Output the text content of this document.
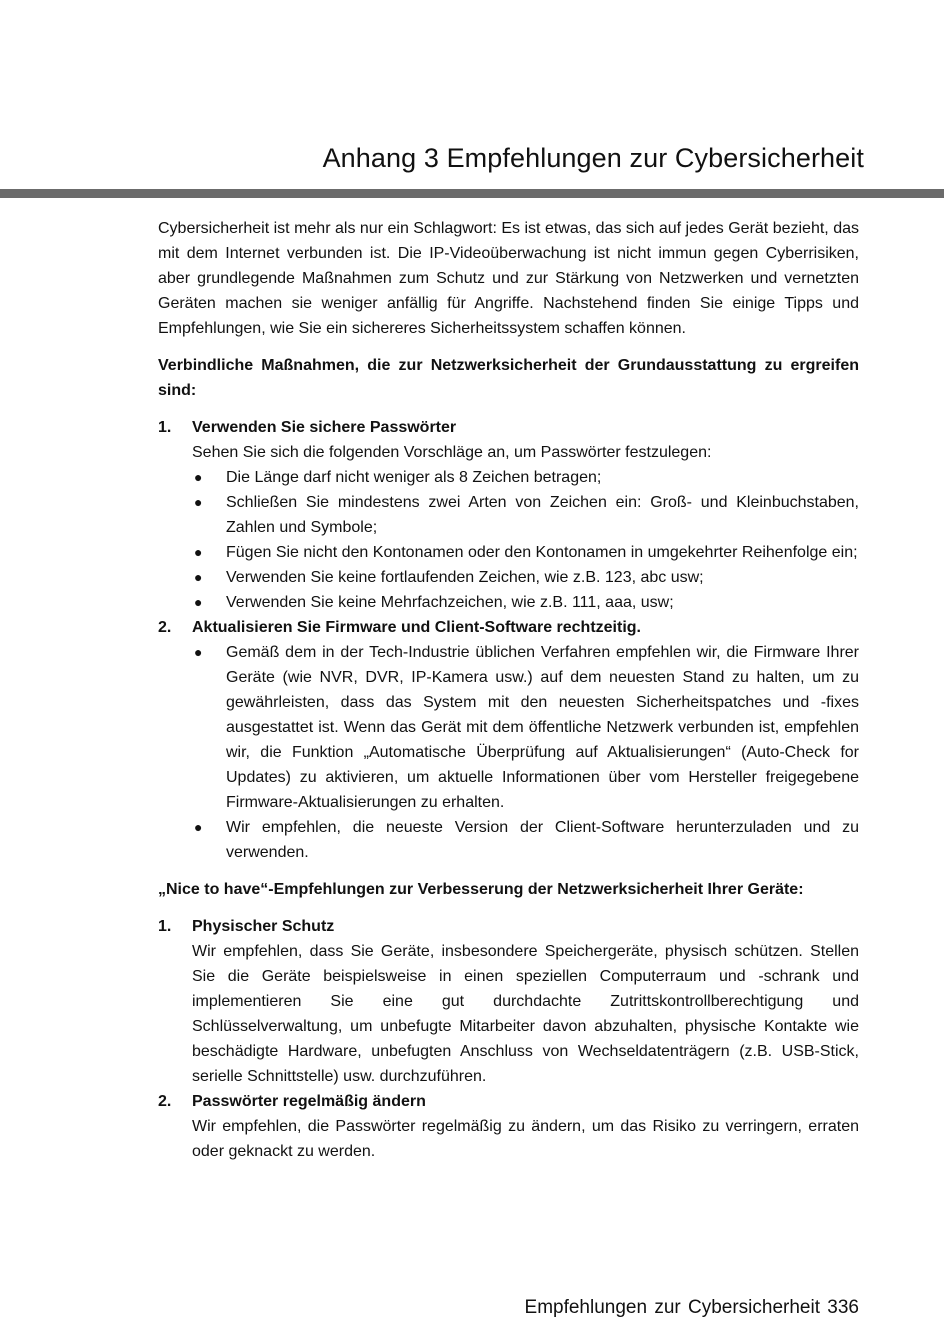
Anhang 3 Empfehlungen zur Cybersicherheit

Cybersicherheit ist mehr als nur ein Schlagwort: Es ist etwas, das sich auf jedes Gerät bezieht, das mit dem Internet verbunden ist. Die IP-Videoüberwachung ist nicht immun gegen Cyberrisiken, aber grundlegende Maßnahmen zum Schutz und zur Stärkung von Netzwerken und vernetzten Geräten machen sie weniger anfällig für Angriffe. Nachstehend finden Sie einige Tipps und Empfehlungen, wie Sie ein sichereres Sicherheitssystem schaffen können.

Verbindliche Maßnahmen, die zur Netzwerksicherheit der Grundausstattung zu ergreifen sind:

1. Verwenden Sie sichere Passwörter

Sehen Sie sich die folgenden Vorschläge an, um Passwörter festzulegen:

● Die Länge darf nicht weniger als 8 Zeichen betragen;
● Schließen Sie mindestens zwei Arten von Zeichen ein: Groß- und Kleinbuchstaben, Zahlen und Symbole;
● Fügen Sie nicht den Kontonamen oder den Kontonamen in umgekehrter Reihenfolge ein;
● Verwenden Sie keine fortlaufenden Zeichen, wie z.B. 123, abc usw;
● Verwenden Sie keine Mehrfachzeichen, wie z.B. 111, aaa, usw;
2. Aktualisieren Sie Firmware und Client-Software rechtzeitig.
● Gemäß dem in der Tech-Industrie üblichen Verfahren empfehlen wir, die Firmware Ihrer Geräte (wie NVR, DVR, IP-Kamera usw.) auf dem neuesten Stand zu halten, um zu gewährleisten, dass das System mit den neuesten Sicherheitspatches und -fixes ausgestattet ist. Wenn das Gerät mit dem öffentliche Netzwerk verbunden ist, empfehlen wir, die Funktion „Automatische Überprüfung auf Aktualisierungen“ (Auto-Check for Updates) zu aktivieren, um aktuelle Informationen über vom Hersteller freigegebene Firmware-Aktualisierungen zu erhalten.
● Wir empfehlen, die neueste Version der Client-Software herunterzuladen und zu verwenden.

„Nice to have“-Empfehlungen zur Verbesserung der Netzwerksicherheit Ihrer Geräte:

1. Physischer Schutz

Wir empfehlen, dass Sie Geräte, insbesondere Speichergeräte, physisch schützen. Stellen Sie die Geräte beispielsweise in einen speziellen Computerraum und -schrank und implementieren Sie eine gut durchdachte Zutrittskontrollberechtigung und Schlüsselverwaltung, um unbefugte Mitarbeiter davon abzuhalten, physische Kontakte wie beschädigte Hardware, unbefugten Anschluss von Wechseldatenträgern (z.B. USB-Stick, serielle Schnittstelle) usw. durchzuführen.

2. Passwörter regelmäßig ändern

Wir empfehlen, die Passwörter regelmäßig zu ändern, um das Risiko zu verringern, erraten oder geknackt zu werden.

Empfehlungen zur Cybersicherheit 336
